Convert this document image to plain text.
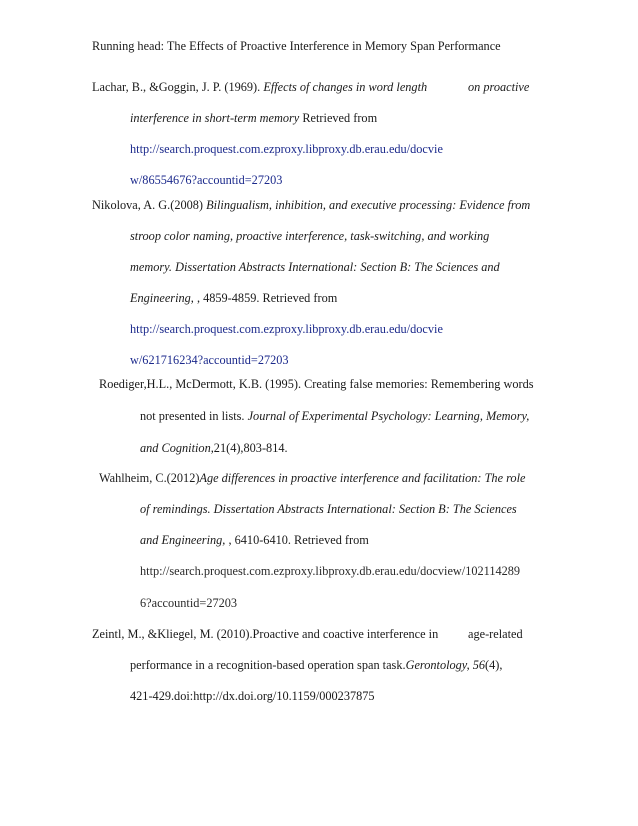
Running head: The Effects of Proactive Interference in Memory Span Performance
Lachar, B., &Goggin, J. P. (1969). Effects of changes in word length
interference in short-term memory Retrieved from
http://search.proquest.com.ezproxy.libproxy.db.erau.edu/docvie
w/86554676?accountid=27203
on proactive
Nikolova, A. G.(2008) Bilingualism, inhibition, and executive processing: Evidence from
stroop color naming, proactive interference, task-switching, and working
memory. Dissertation Abstracts International: Section B: The Sciences and
Engineering, , 4859-4859. Retrieved from
http://search.proquest.com.ezproxy.libproxy.db.erau.edu/docvie
w/621716234?accountid=27203
Roediger,H.L., McDermott, K.B. (1995). Creating false memories: Remembering words
not presented in lists. Journal of Experimental Psychology: Learning, Memory,
and Cognition,21(4),803-814.
Wahlheim, C.(2012)Age differences in proactive interference and facilitation: The role
of remindings. Dissertation Abstracts International: Section B: The Sciences
and Engineering, , 6410-6410. Retrieved from
http://search.proquest.com.ezproxy.libproxy.db.erau.edu/docview/102114289
6?accountid=27203
Zeintl, M., &Kliegel, M. (2010).Proactive and coactive interference in
performance in a recognition-based operation span task.Gerontology, 56(4),
421-429.doi:http://dx.doi.org/10.1159/000237875
age-related
